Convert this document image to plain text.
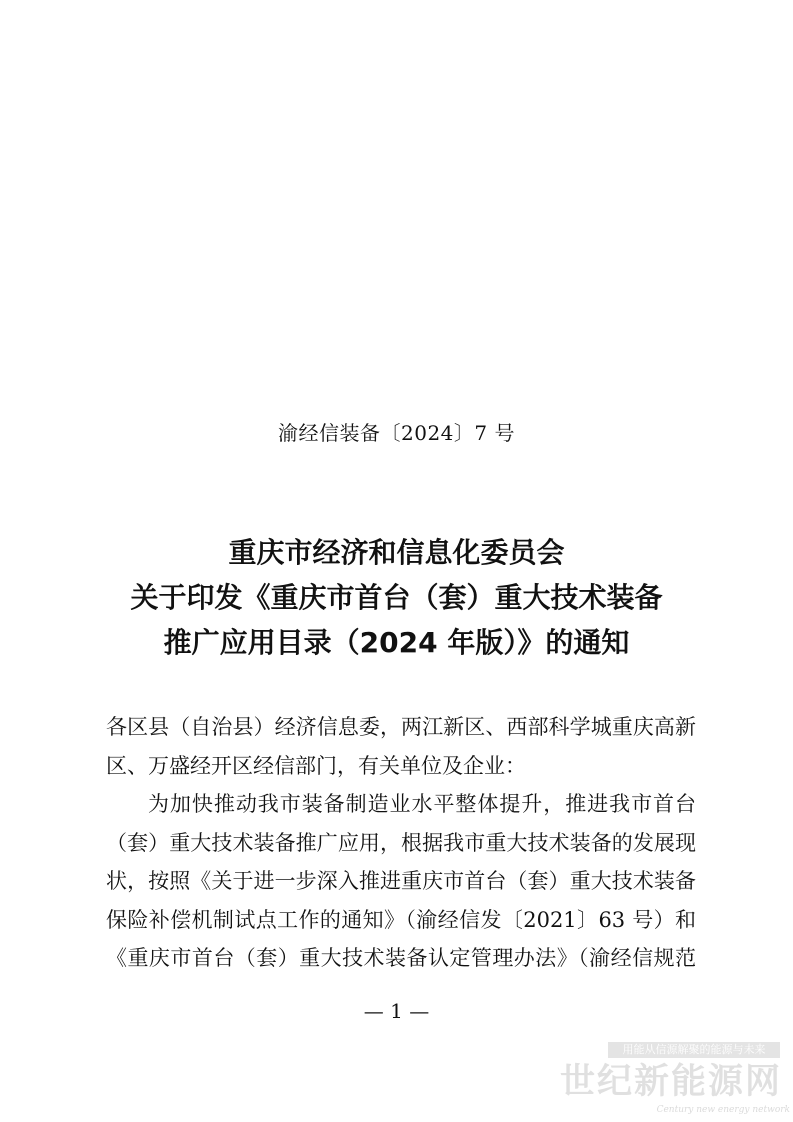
渝经信装备〔2024〕7 号
重庆市经济和信息化委员会
关于印发《重庆市首台（套）重大技术装备
推广应用目录（2024 年版）》的通知

各区县（自治县）经济信息委，两江新区、西部科学城重庆高新
区、万盛经开区经信部门，有关单位及企业：

为加快推动我市装备制造业水平整体提升，推进我市首台
（套）重大技术装备推广应用，根据我市重大技术装备的发展现
状，按照《关于进一步深入推进重庆市首台（套）重大技术装备
保险补偿机制试点工作的通知》（渝经信发〔2021〕63 号）和
《重庆市首台（套）重大技术装备认定管理办法》（渝经信规范

— 1 —
用能从信源解聚的能源与未来
世纪新能源网
Century new energy network
